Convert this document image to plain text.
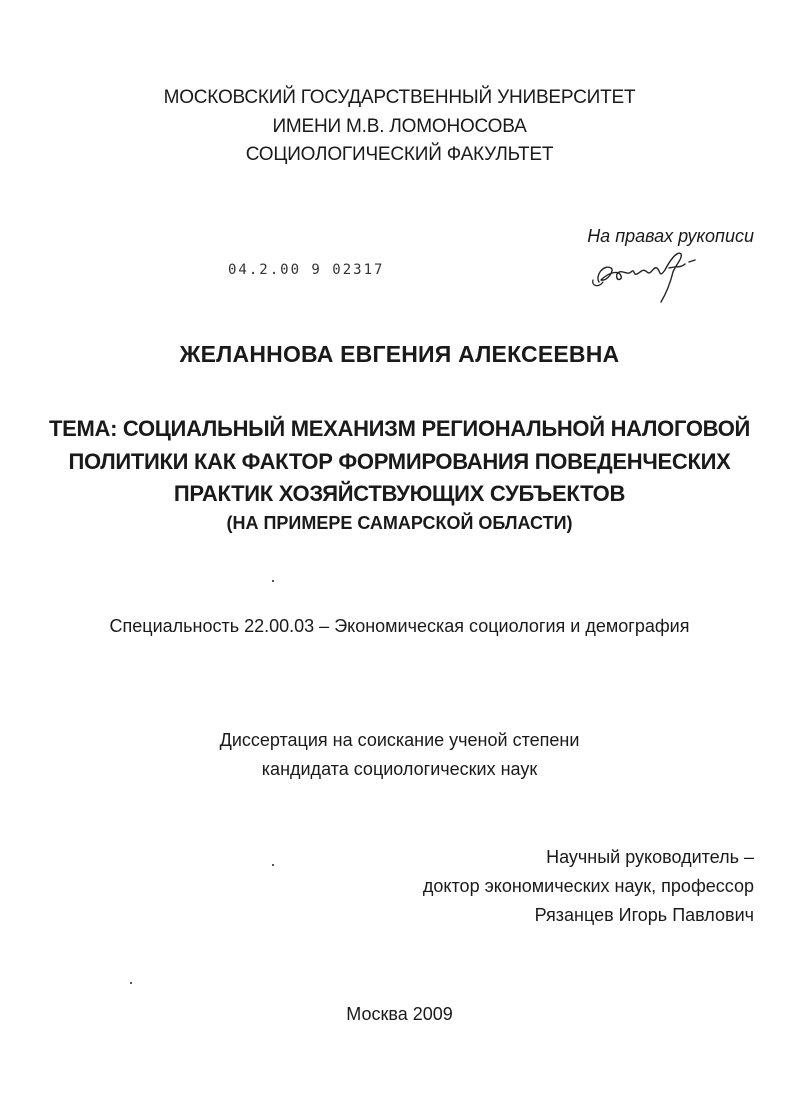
МОСКОВСКИЙ ГОСУДАРСТВЕННЫЙ УНИВЕРСИТЕТ
ИМЕНИ М.В. ЛОМОНОСОВА
СОЦИОЛОГИЧЕСКИЙ ФАКУЛЬТЕТ
На правах рукописи
04.2.00 9 02317
ЖЕЛАННОВА ЕВГЕНИЯ АЛЕКСЕЕВНА
ТЕМА: СОЦИАЛЬНЫЙ МЕХАНИЗМ РЕГИОНАЛЬНОЙ НАЛОГОВОЙ
ПОЛИТИКИ КАК ФАКТОР ФОРМИРОВАНИЯ ПОВЕДЕНЧЕСКИХ
ПРАКТИК ХОЗЯЙСТВУЮЩИХ СУБЪЕКТОВ
(НА ПРИМЕРЕ САМАРСКОЙ ОБЛАСТИ)
Специальность 22.00.03 – Экономическая социология и демография
Диссертация на соискание ученой степени
кандидата социологических наук
Научный руководитель –
доктор экономических наук, профессор
Рязанцев Игорь Павлович
Москва 2009
